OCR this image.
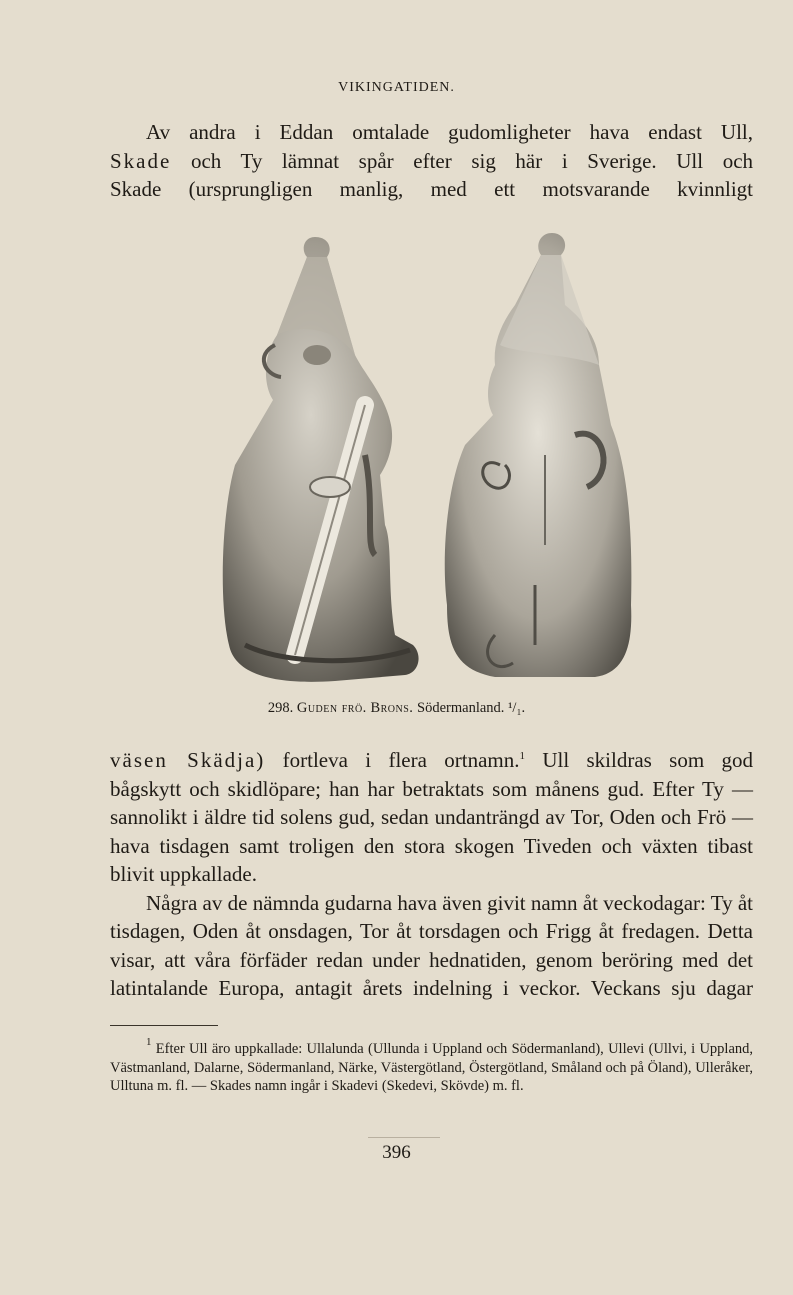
VIKINGATIDEN.

Av andra i Eddan omtalade gudomligheter hava endast Ull,

Skade och Ty lämnat spår efter sig här i Sverige. Ull och

Skade (ursprungligen manlig, med ett motsvarande kvinnligt

298. Guden frö. Brons. Södermanland. ¹/₁.

väsen Skädja) fortleva i flera ortnamn.$^1$ Ull skildras som god

bågskytt och skidlöpare; han har betraktats som månens gud. Efter Ty — sannolikt i äldre tid solens gud, sedan undanträngd av Tor, Oden och Frö — hava tisdagen samt troligen den stora skogen Tiveden och växten tibast blivit uppkallade.

Några av de nämnda gudarna hava även givit namn åt veckodagar: Ty åt tisdagen, Oden åt onsdagen, Tor åt torsdagen och Frigg åt fredagen. Detta visar, att våra förfäder redan under hednatiden, genom beröring med det latintalande Europa, antagit årets indelning i veckor. Veckans sju dagar

$^1$ Efter Ull äro uppkallade: Ullalunda (Ullunda i Uppland och Södermanland), Ullevi (Ullvi, i Uppland, Västmanland, Dalarne, Södermanland, Närke, Västergötland, Östergötland, Småland och på Öland), Ulleråker, Ulltuna m. fl. — Skades namn ingår i Skadevi (Skedevi, Skövde) m. fl.

396
